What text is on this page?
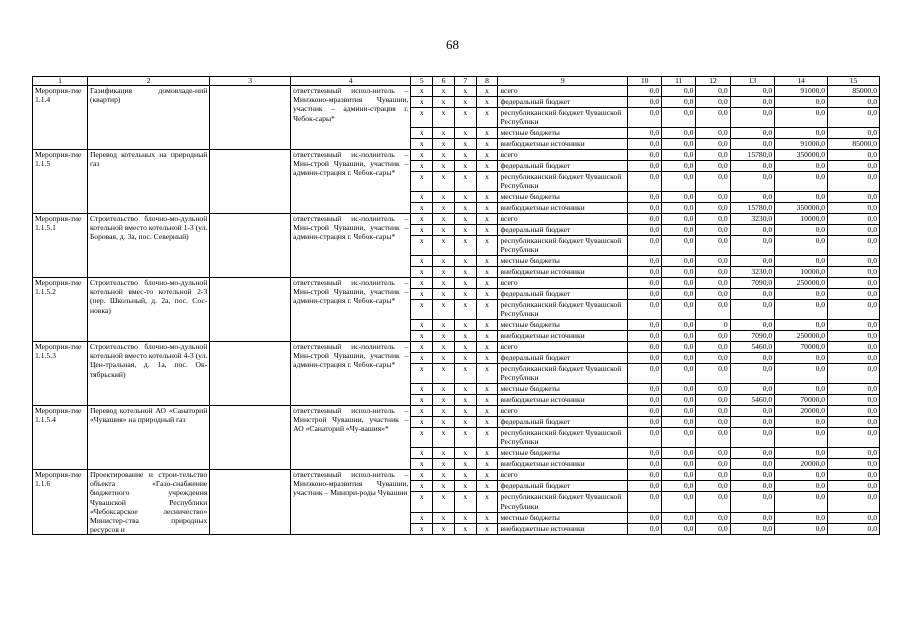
68
1	2	3	4	5	6	7	8	9	10	11	12	13	14	15
Мероприя-тие 1.1.4	Газификация домовладе-ний (квартир)		ответственный испол-нитель – Минэконо-мразвития Чувашии, участник – админи-страция г. Чебок-сары*	x	x	x	x	всего	0,0	0,0	0,0	0,0	91000,0	85000,0
				x	x	x	x	федеральный бюджет	0,0	0,0	0,0	0,0	0,0	0,0
				x	x	x	x	республиканский бюджет Чувашской Республики	0,0	0,0	0,0	0,0	0,0	0,0
				x	x	x	x	местные бюджеты	0,0	0,0	0,0	0,0	0,0	0,0
				x	x	x	x	внебюджетные источники	0,0	0,0	0,0	0,0	91000,0	85000,0
Мероприя-тие 1.1.5	Перевод котельных на природный газ		ответственный ис-полнитель – Мин-строй Чувашии, участник – админи-страция г. Чебок-сары*	x	x	x	x	всего	0,0	0,0	0,0	15780,0	350000,0	0,0
				x	x	x	x	федеральный бюджет	0,0	0,0	0,0	0,0	0,0	0,0
				x	x	x	x	республиканский бюджет Чувашской Республики	0,0	0,0	0,0	0,0	0,0	0,0
				x	x	x	x	местные бюджеты	0,0	0,0	0,0	0,0	0,0	0,0
				x	x	x	x	внебюджетные источники	0,0	0,0	0,0	15780,0	350000,0	0,0
Мероприя-тие 1.1.5.1	Строительство блочно-мо-дульной котельной вместо котельной 1-3 (ул. Боровая, д. 3а, пос. Северный)		ответственный ис-полнитель – Мин-строй Чувашии, участник – админи-страция г. Чебок-сары*	x	x	x	x	всего	0,0	0,0	0,0	3230,0	10000,0	0,0
				x	x	x	x	федеральный бюджет	0,0	0,0	0,0	0,0	0,0	0,0
				x	x	x	x	республиканский бюджет Чувашской Республики	0,0	0,0	0,0	0,0	0,0	0,0
				x	x	x	x	местные бюджеты	0,0	0,0	0,0	0,0	0,0	0,0
				x	x	x	x	внебюджетные источники	0,0	0,0	0,0	3230,0	10000,0	0,0
Мероприя-тие 1.1.5.2	Строительство блочно-мо-дульной котельной вмес-то котельной 2-3 (пер. Школьный, д. 2а, пос. Сос-новка)		ответственный ис-полнитель – Мин-строй Чувашии, участник – админи-страция г. Чебок-сары*	x	x	x	x	всего	0,0	0,0	0,0	7090,0	250000,0	0,0
				x	x	x	x	федеральный бюджет	0,0	0,0	0,0	0,0	0,0	0,0
				x	x	x	x	республиканский бюджет Чувашской Республики	0,0	0,0	0,0	0,0	0,0	0,0
				x	x	x	x	местные бюджеты	0,0	0,0	0	0,0	0,0	0,0
				x	x	x	x	внебюджетные источники	0,0	0,0	0,0	7090,0	250000,0	0,0
Мероприя-тие 1.1.5.3	Строительство блочно-мо-дульной котельной вместо котельной 4-3 (ул. Цен-тральная, д. 1а, пос. Ок-тябрьский)		ответственный ис-полнитель – Мин-строй Чувашии, участник – админи-страция г. Чебок-сары*	x	x	x	x	всего	0,0	0,0	0,0	5460,0	70000,0	0,0
				x	x	x	x	федеральный бюджет	0,0	0,0	0,0	0,0	0,0	0,0
				x	x	x	x	республиканский бюджет Чувашской Республики	0,0	0,0	0,0	0,0	0,0	0,0
				x	x	x	x	местные бюджеты	0,0	0,0	0,0	0,0	0,0	0,0
				x	x	x	x	внебюджетные источники	0,0	0,0	0,0	5460,0	70000,0	0,0
Мероприя-тие 1.1.5.4	Перевод котельной АО «Санаторий «Чувашия» на природный газ		ответственный испол-нитель – Минстрой Чувашии, участник – АО «Санаторий «Чу-вашия»*	x	x	x	x	всего	0,0	0,0	0,0	0,0	20000,0	0,0
				x	x	x	x	федеральный бюджет	0,0	0,0	0,0	0,0	0,0	0,0
				x	x	x	x	республиканский бюджет Чувашской Республики	0,0	0,0	0,0	0,0	0,0	0,0
				x	x	x	x	местные бюджеты	0,0	0,0	0,0	0,0	0,0	0,0
				x	x	x	x	внебюджетные источники	0,0	0,0	0,0	0,0	20000,0	0,0
Мероприя-тие 1.1.6	Проектирование и строи-тельство объекта «Газо-снабжение бюджетного учреждения Чувашской Республики «Чебоксарское лесничество» Министер-ства природных ресурсов и		ответственный испол-нитель – Минэконо-мразвития Чувашии, участник – Минпри-роды Чувашии	x	x	x	x	всего	0,0	0,0	0,0	0,0	0,0	0,0
				x	x	x	x	федеральный бюджет	0,0	0,0	0,0	0,0	0,0	0,0
				x	x	x	x	республиканский бюджет Чувашской Республики	0,0	0,0	0,0	0,0	0,0	0,0
				x	x	x	x	местные бюджеты	0,0	0,0	0,0	0,0	0,0	0,0
				x	x	x	x	внебюджетные источники	0,0	0,0	0,0	0,0	0,0	0,0
